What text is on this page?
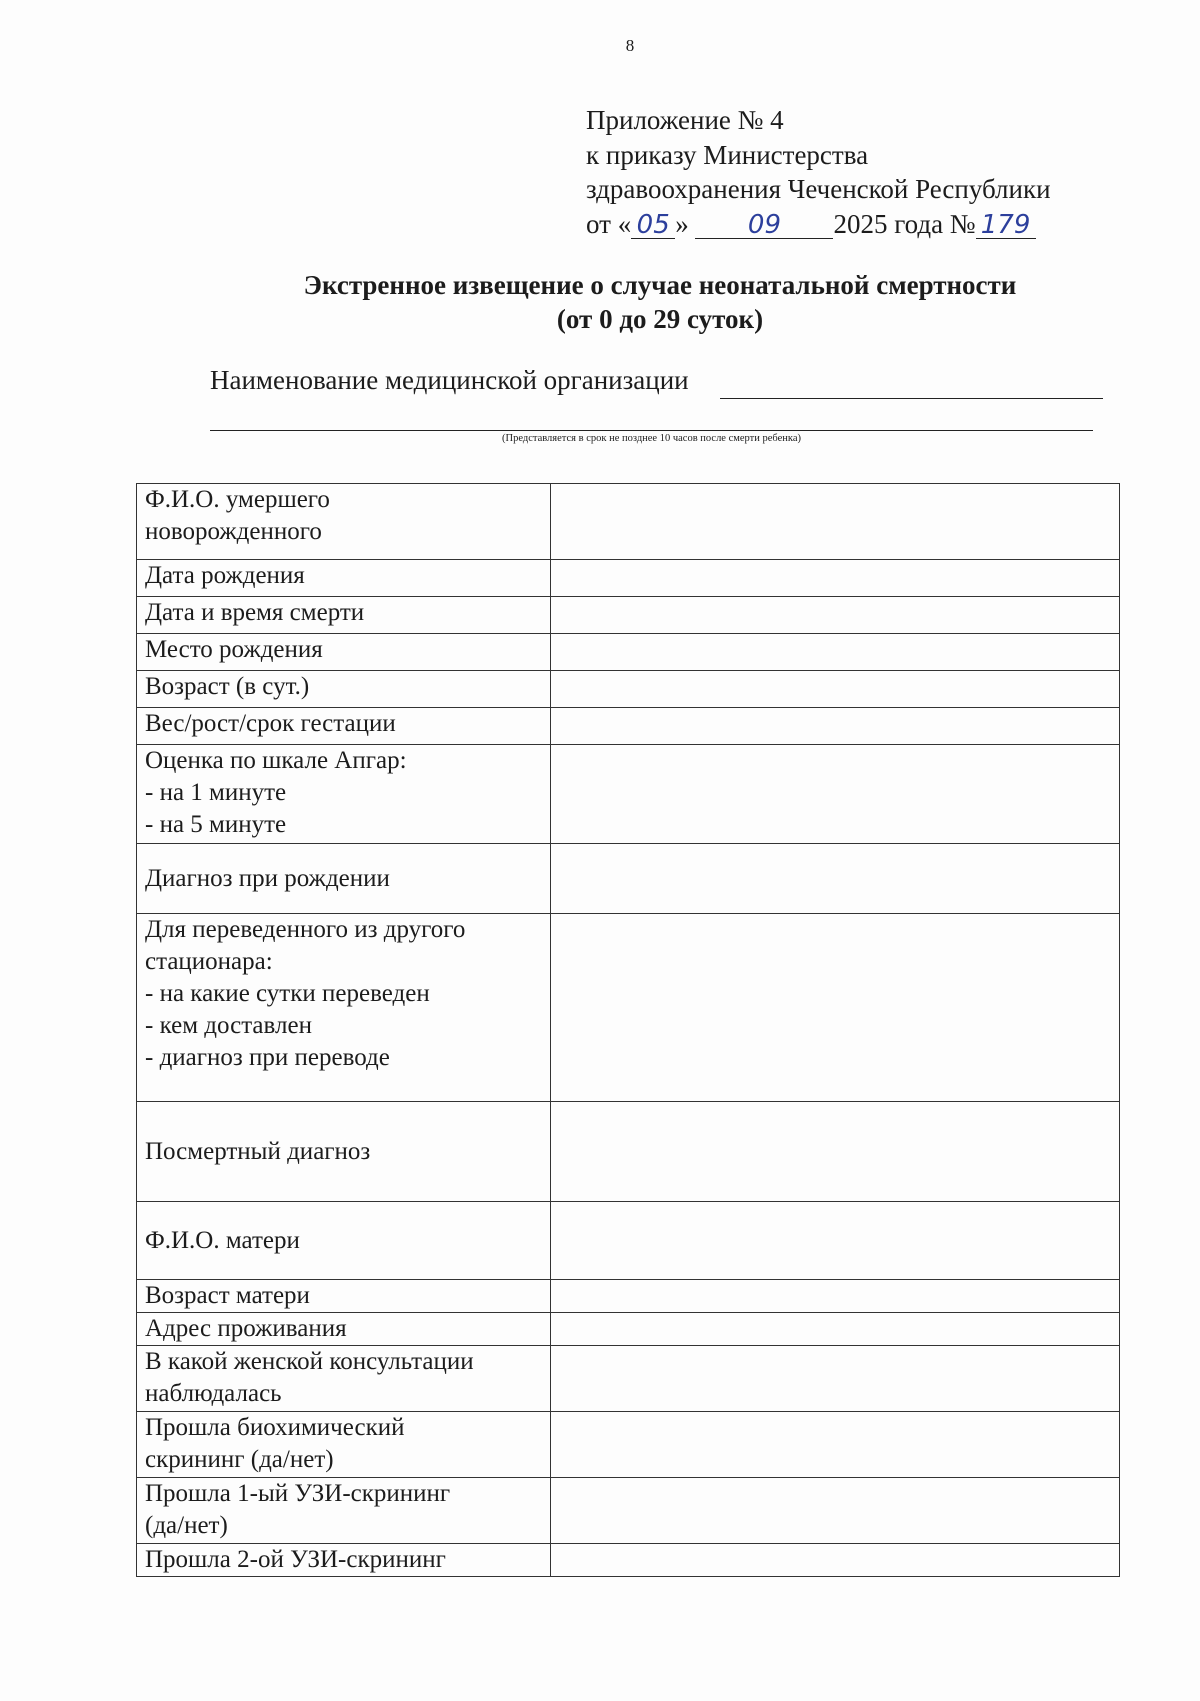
8
Приложение № 4
к приказу Министерства
здравоохранения Чеченской Республики
от « 05 » 09 2025 года № 179
Экстренное извещение о случае неонатальной смертности
(от 0 до 29 суток)
Наименование медицинской организации
(Представляется в срок не позднее 10 часов после смерти ребенка)
Ф.И.О. умершего
новорожденного	

Дата рождения	

Дата и время смерти	

Место рождения	

Возраст (в сут.)	

Вес/рост/срок гестации	

Оценка по шкале Апгар:
- на 1 минуте
- на 5 минуте	

Диагноз при рождении	

Для переведенного из другого
стационара:
- на какие сутки переведен
- кем доставлен
- диагноз при переводе	

Посмертный диагноз	

Ф.И.О. матери	

Возраст матери	

Адрес проживания	

В какой женской консультации
наблюдалась	

Прошла биохимический
скрининг (да/нет)	

Прошла 1-ый УЗИ-скрининг
(да/нет)	

Прошла 2-ой УЗИ-скрининг	
